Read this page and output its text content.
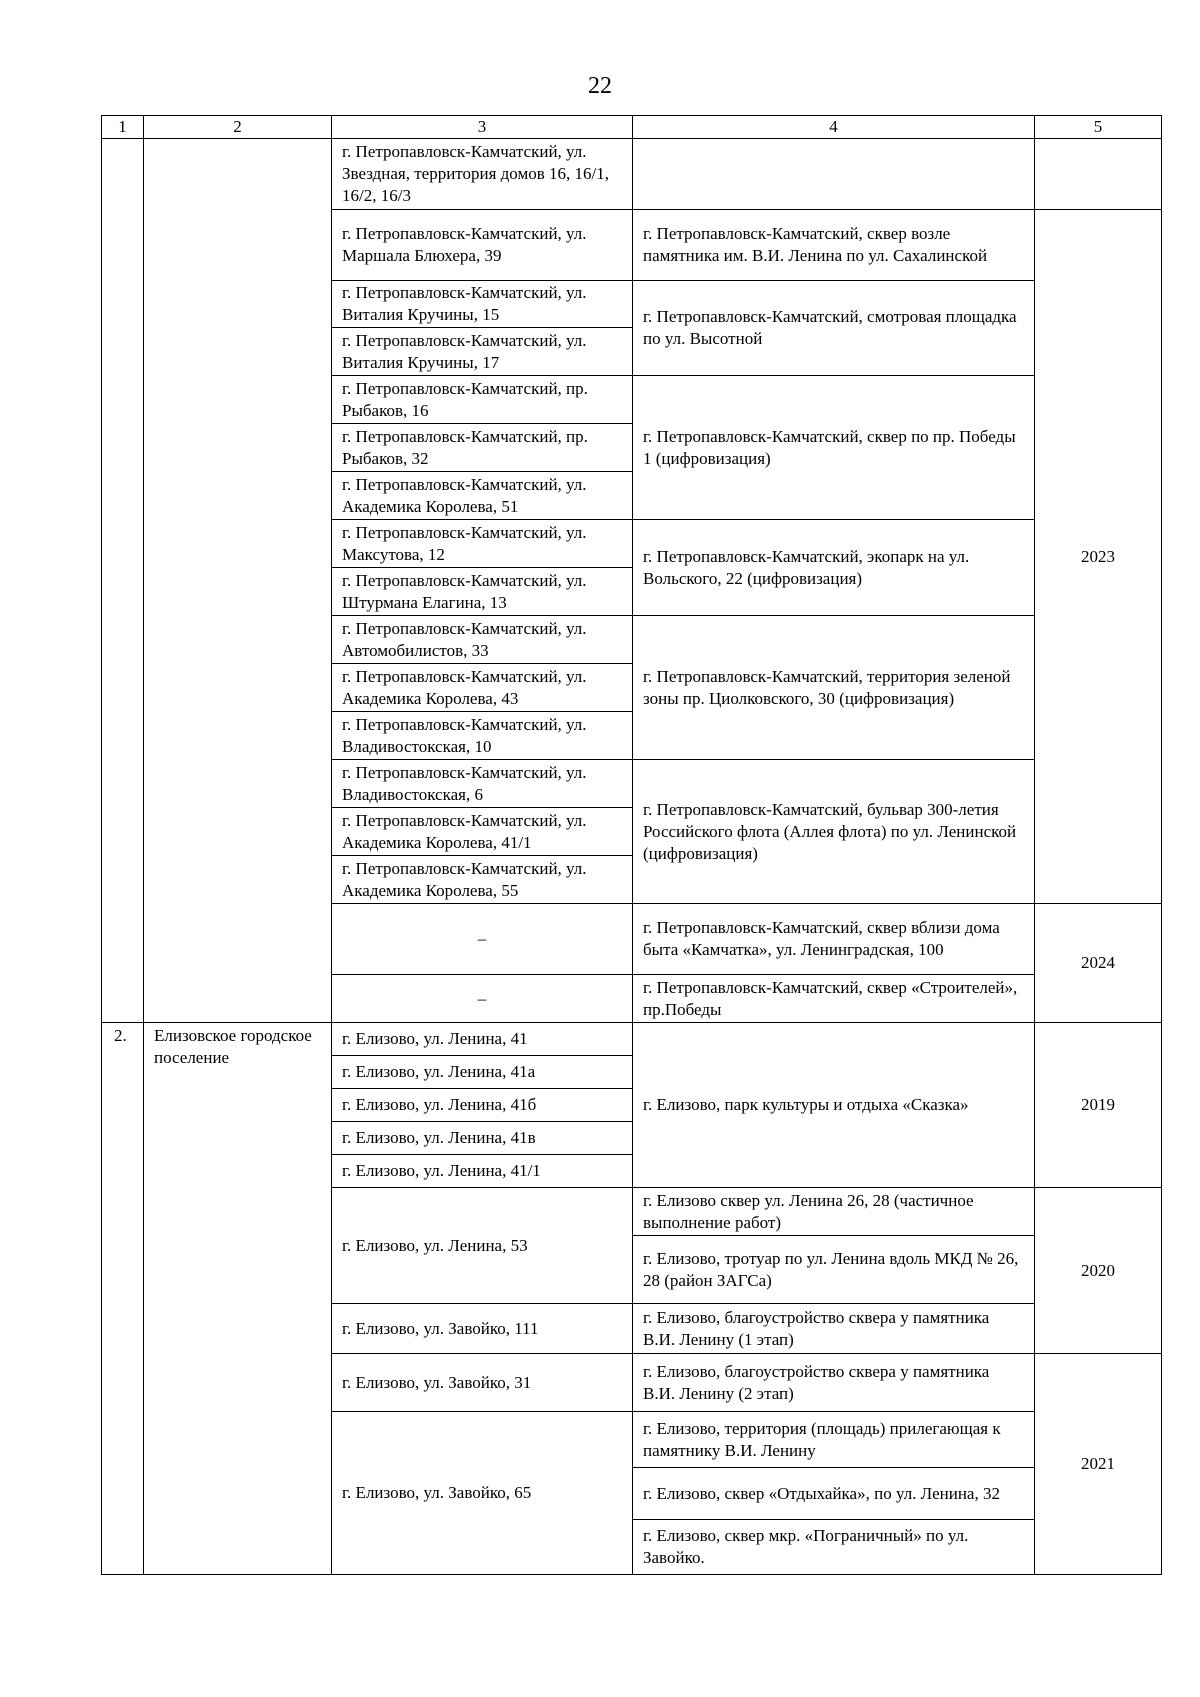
22
1	2	3	4	5
		г. Петропавловск-Камчатский, ул. Звездная, территория домов 16, 16/1, 16/2, 16/3		
		г. Петропавловск-Камчатский, ул. Маршала Блюхера, 39	г. Петропавловск-Камчатский, сквер возле памятника им. В.И. Ленина по ул. Сахалинской	2023
		г. Петропавловск-Камчатский, ул. Виталия Кручины, 15	г. Петропавловск-Камчатский, смотровая площадка по ул. Высотной	
		г. Петропавловск-Камчатский, ул. Виталия Кручины, 17		
		г. Петропавловск-Камчатский, пр. Рыбаков, 16	г. Петропавловск-Камчатский, сквер по пр. Победы 1 (цифровизация)	
		г. Петропавловск-Камчатский, пр. Рыбаков, 32		
		г. Петропавловск-Камчатский, ул. Академика Королева, 51		
		г. Петропавловск-Камчатский, ул. Максутова, 12	г. Петропавловск-Камчатский, экопарк на ул. Вольского, 22 (цифровизация)	
		г. Петропавловск-Камчатский, ул. Штурмана Елагина, 13		
		г. Петропавловск-Камчатский, ул. Автомобилистов, 33	г. Петропавловск-Камчатский, территория зеленой зоны пр. Циолковского, 30 (цифровизация)	
		г. Петропавловск-Камчатский, ул. Академика Королева, 43		
		г. Петропавловск-Камчатский, ул. Владивостокская, 10		
		г. Петропавловск-Камчатский, ул. Владивостокская, 6	г. Петропавловск-Камчатский, бульвар 300-летия Российского флота (Аллея флота) по ул. Ленинской (цифровизация)	
		г. Петропавловск-Камчатский, ул. Академика Королева, 41/1		
		г. Петропавловск-Камчатский, ул. Академика Королева, 55		
		–	г. Петропавловск-Камчатский, сквер вблизи дома быта «Камчатка», ул. Ленинградская, 100	2024
		–	г. Петропавловск-Камчатский, сквер «Строителей», пр.Победы	
2.	Елизовское городское поселение	г. Елизово, ул. Ленина, 41	г. Елизово, парк культуры и отдыха «Сказка»	2019
		г. Елизово, ул. Ленина, 41а		
		г. Елизово, ул. Ленина, 41б		
		г. Елизово, ул. Ленина, 41в		
		г. Елизово, ул. Ленина, 41/1		
		г. Елизово, ул. Ленина, 53	г. Елизово сквер ул. Ленина 26, 28 (частичное выполнение работ)	2020
			г. Елизово, тротуар по ул. Ленина вдоль МКД № 26, 28 (район ЗАГСа)	
		г. Елизово, ул. Завойко, 111	г. Елизово, благоустройство сквера у памятника В.И. Ленину (1 этап)	
		г. Елизово, ул. Завойко, 31	г. Елизово, благоустройство сквера у памятника В.И. Ленину (2 этап)	2021
		г. Елизово, ул. Завойко, 65	г. Елизово, территория (площадь) прилегающая к памятнику В.И. Ленину	
			г. Елизово, сквер «Отдыхайка», по ул. Ленина, 32	
			г. Елизово, сквер мкр. «Пограничный» по ул. Завойко.	
